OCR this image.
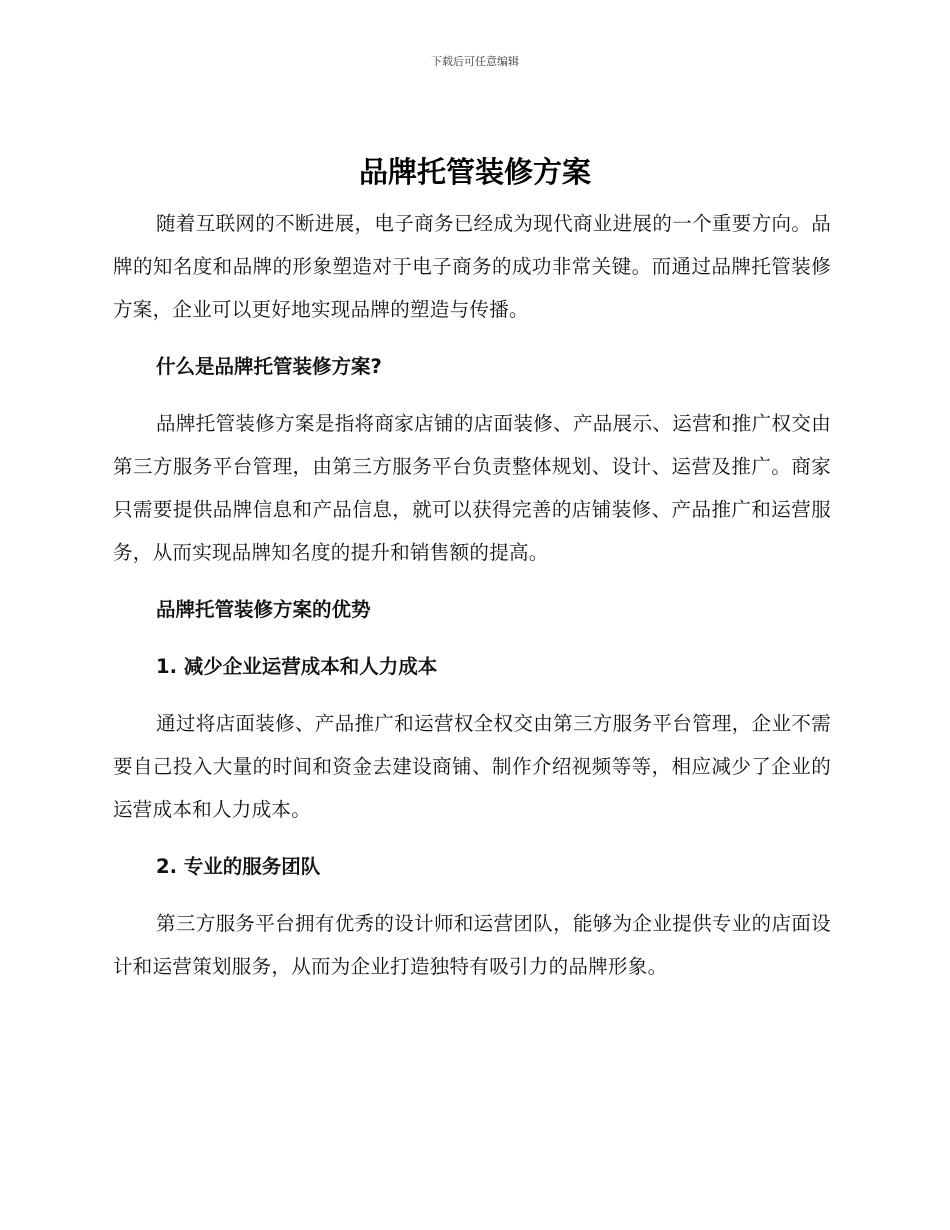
下载后可任意编辑
品牌托管装修方案

随着互联网的不断进展，电子商务已经成为现代商业进展的一个重要方向。品牌的知名度和品牌的形象塑造对于电子商务的成功非常关键。而通过品牌托管装修方案，企业可以更好地实现品牌的塑造与传播。

什么是品牌托管装修方案?

品牌托管装修方案是指将商家店铺的店面装修、产品展示、运营和推广权交由第三方服务平台管理，由第三方服务平台负责整体规划、设计、运营及推广。商家只需要提供品牌信息和产品信息，就可以获得完善的店铺装修、产品推广和运营服务，从而实现品牌知名度的提升和销售额的提高。

品牌托管装修方案的优势
1. 减少企业运营成本和人力成本

通过将店面装修、产品推广和运营权全权交由第三方服务平台管理，企业不需要自己投入大量的时间和资金去建设商铺、制作介绍视频等等，相应减少了企业的运营成本和人力成本。

2. 专业的服务团队

第三方服务平台拥有优秀的设计师和运营团队，能够为企业提供专业的店面设计和运营策划服务，从而为企业打造独特有吸引力的品牌形象。
